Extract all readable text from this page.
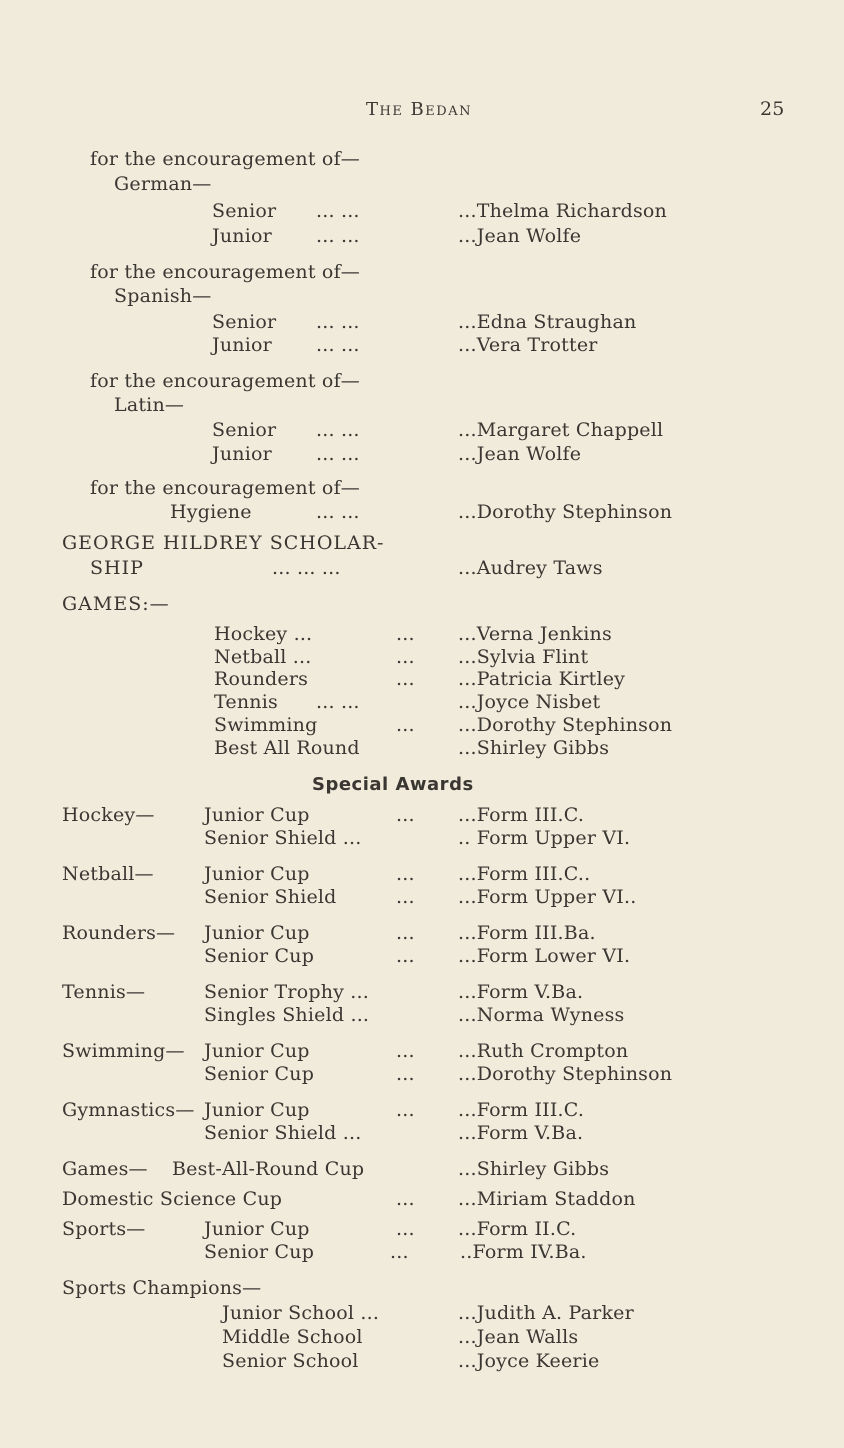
The Bedan	25
for the encouragement of—
German—
Senior ... ...	...Thelma Richardson
Junior ... ...	...Jean Wolfe
for the encouragement of—
Spanish—
Senior ... ...	...Edna Straughan
Junior ... ...	...Vera Trotter
for the encouragement of—
Latin—
Senior ... ...	...Margaret Chappell
Junior ... ...	...Jean Wolfe
for the encouragement of—
Hygiene	... ...	...Dorothy Stephinson
GEORGE HILDREY SCHOLAR-
SHIP	... ... ...	...Audrey Taws
GAMES:—
Hockey ...	... ...Verna Jenkins
Netball ...	... ...Sylvia Flint
Rounders	... ...Patricia Kirtley
Tennis ... ...	...Joyce Nisbet
Swimming	... ...Dorothy Stephinson
Best All Round	...Shirley Gibbs
Special Awards
Hockey—	Junior Cup	... ...Form III.C.
Senior Shield ...	.. Form Upper VI.
Netball—	Junior Cup	... ...Form III.C..
Senior Shield	... ...Form Upper VI..
Rounders— Junior Cup	... ...Form III.Ba.
Senior Cup	... ...Form Lower VI.
Tennis—	Senior Trophy ...	...Form V.Ba.
Singles Shield ...	...Norma Wyness
Swimming— Junior Cup	... ...Ruth Crompton
Senior Cup	... ...Dorothy Stephinson
Gymnastics— Junior Cup	... ...Form III.C.
Senior Shield ...	...Form V.Ba.
Games— Best-All-Round Cup	...Shirley Gibbs
Domestic Science Cup	... ...Miriam Staddon
Sports—	Junior Cup	... ...Form II.C.
Senior Cup	...	..Form IV.Ba.
Sports Champions—
Junior School ...	...Judith A. Parker
Middle School	...Jean Walls
Senior School	...Joyce Keerie
